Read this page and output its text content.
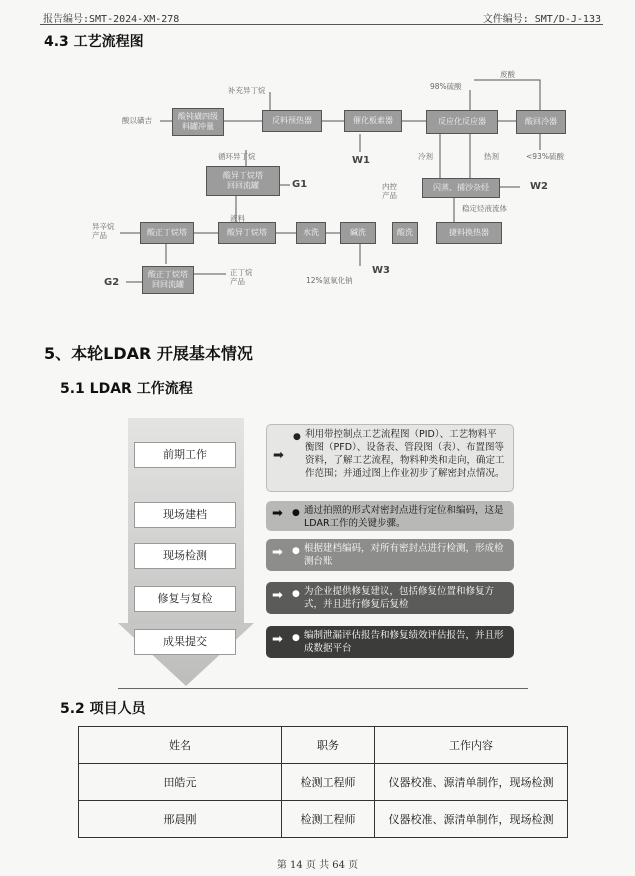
报告编号:SMT-2024-XM-278	文件编号: SMT/D-J-133
4.3 工艺流程图
酸以磺吉	酸钝磺四级
料罐冲量
反料预热器	催化板索器	反应化反应器	酸回冷器
闪蒸、捕沙杂烃
酸异丁烷塔
回回流罐
酸异丁烷塔
酸正丁烷塔	水洗	碱洗	酸洗	捷料换热器
酸正丁烷塔
回回流罐
补充异丁烷
循环异丁烷
98%硫酸
废酸
<93%硫酸
W1
W2
W3
G1
G2
冷剂	热剂
内控
产品
稳定烃液流体
异辛烷
产品
正丁烷
产品	12%氢氧化钠
液料
5、本轮LDAR 开展基本情况
5.1 LDAR 工作流程
前期工作
现场建档
现场检测
修复与复检
成果提交
➡
● 利用带控制点工艺流程图（PID）、工艺物料平衡图（PFD）、设备表、管段图（表）、布置图等资料，了解工艺流程，物料种类和走向，确定工作范围；并通过图上作业初步了解密封点情况。
➡ ● 通过拍照的形式对密封点进行定位和编码，这是LDAR工作的关键步骤。
➡ ● 根据建档编码，对所有密封点进行检测，形成检测台账
➡ ● 为企业提供修复建议，包括修复位置和修复方式，并且进行修复后复检
➡ ● 编制泄漏评估报告和修复绩效评估报告，并且形成数据平台
5.2 项目人员
姓名	职务	工作内容
田皓元	检测工程师	仪器校准、源清单制作，现场检测
邢晨刚	检测工程师	仪器校准、源清单制作，现场检测
第 14 页 共 64 页
